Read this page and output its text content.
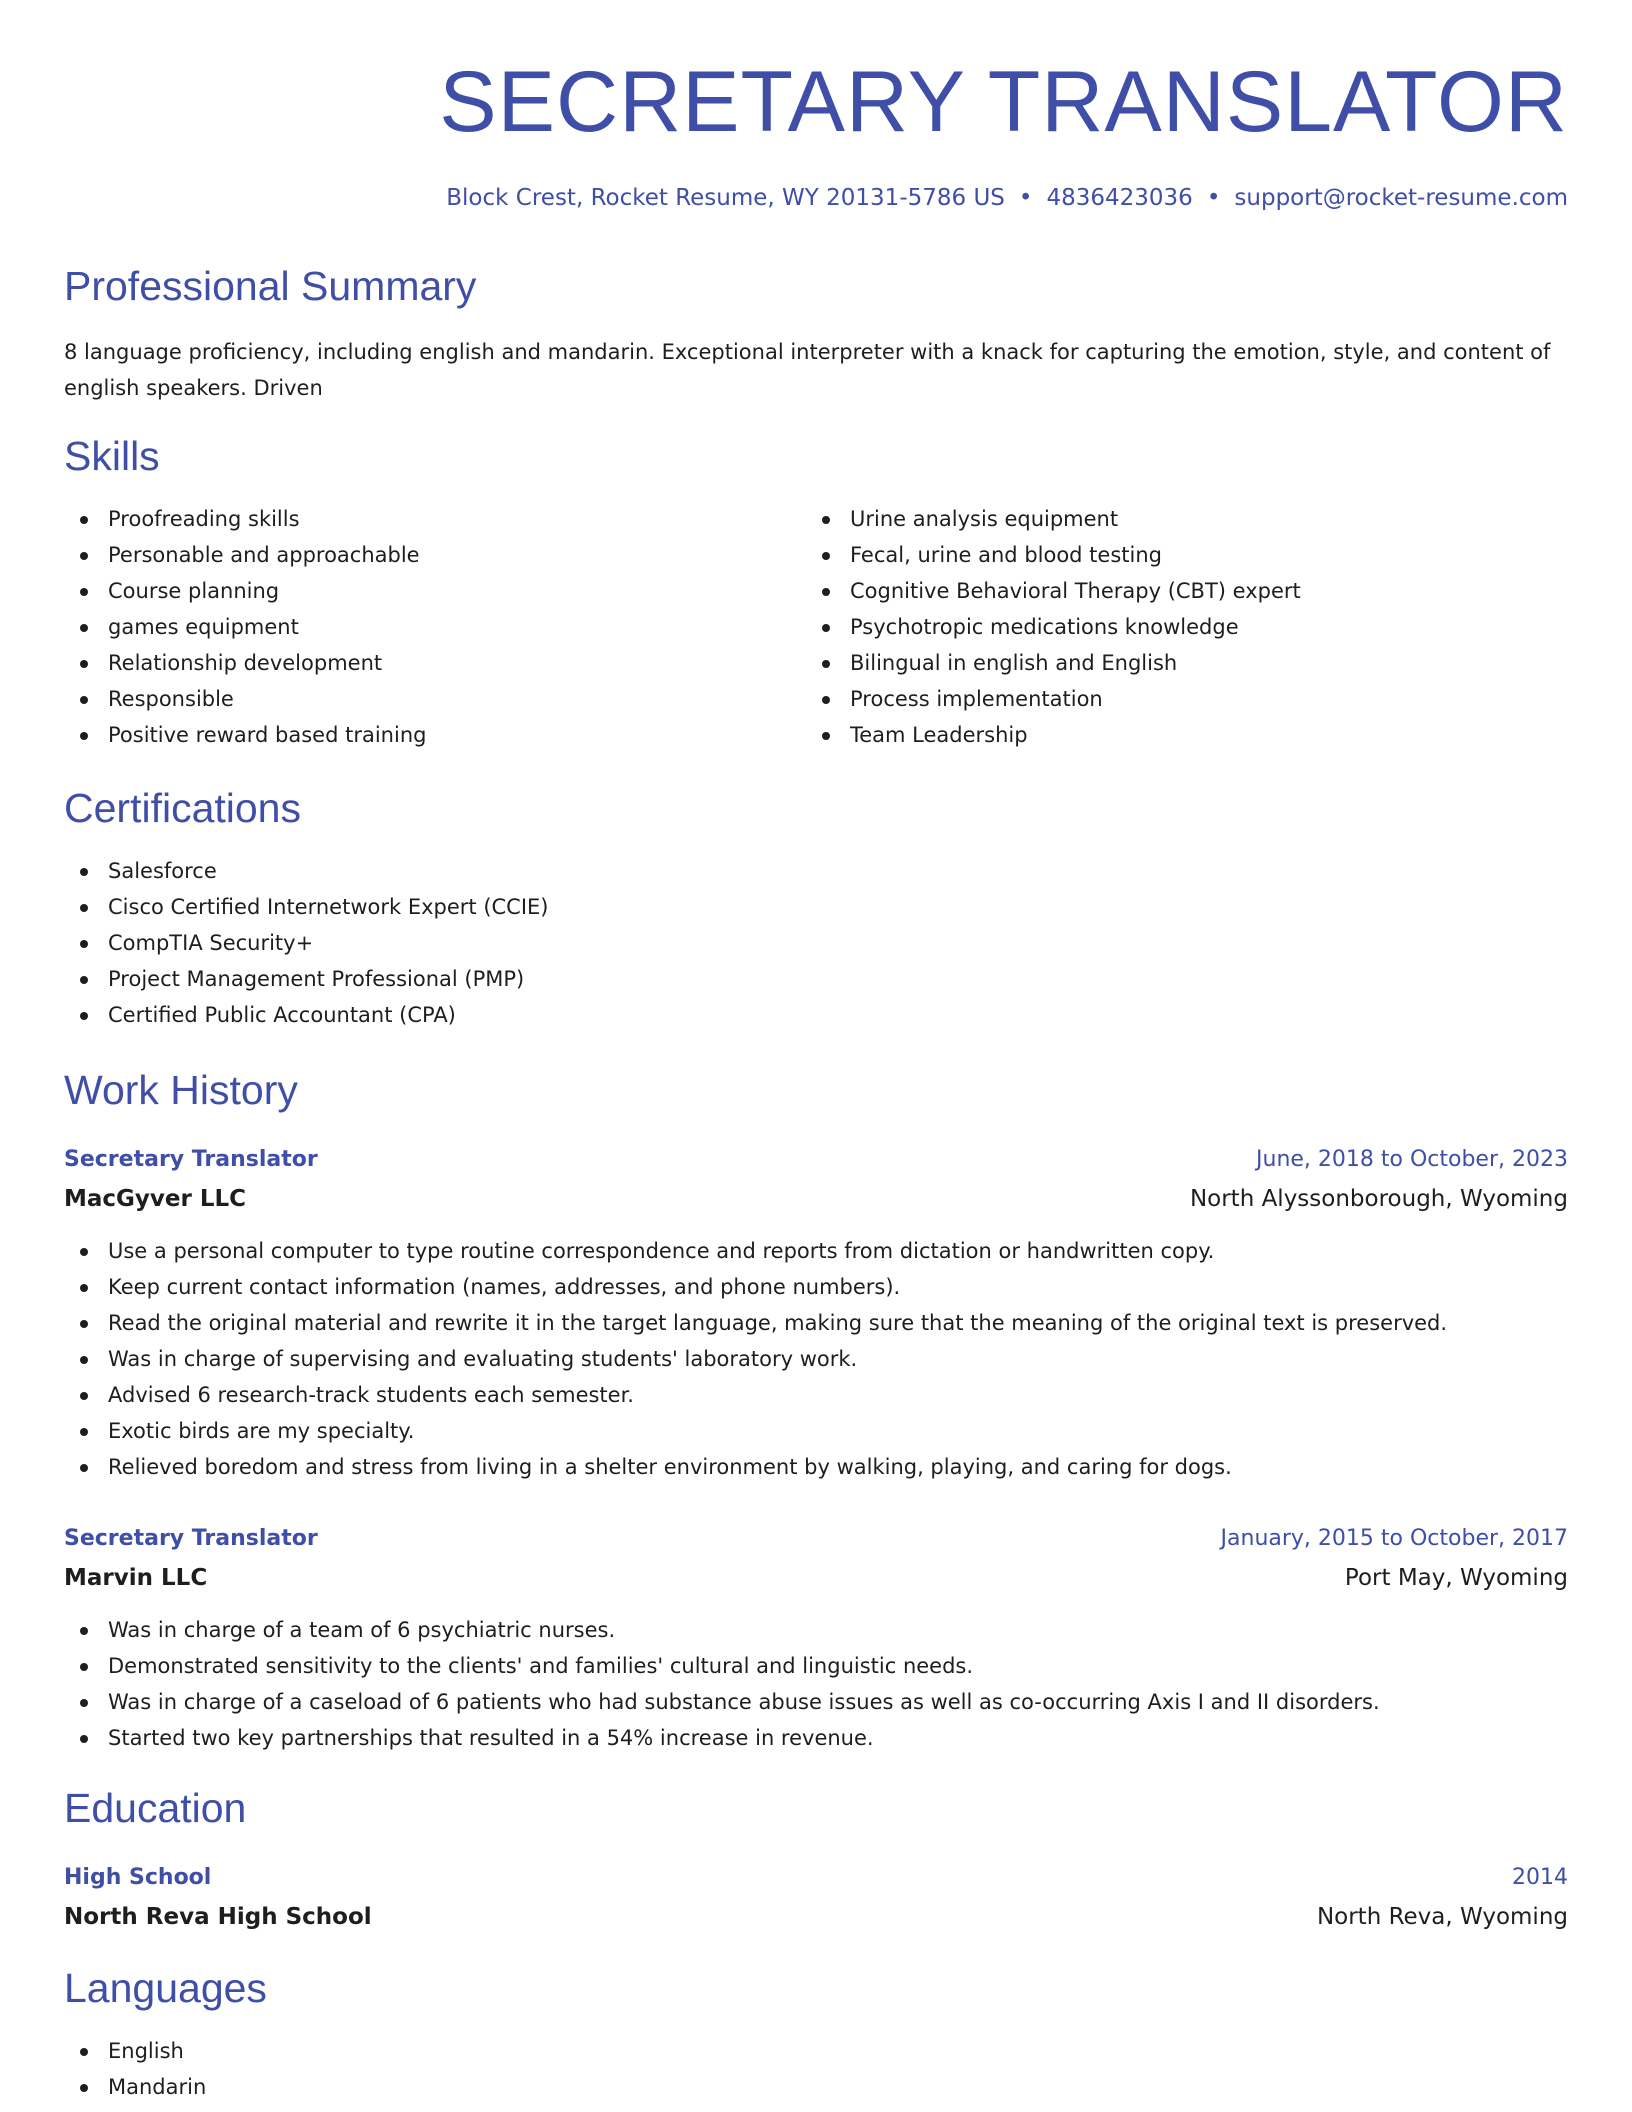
SECRETARY TRANSLATOR
Block Crest, Rocket Resume, WY 20131-5786 US • 4836423036 • support@rocket-resume.com
Professional Summary

8 language proficiency, including english and mandarin. Exceptional interpreter with a knack for capturing the emotion, style, and content of english speakers. Driven

Skills
Proofreading skills
Personable and approachable
Course planning
games equipment
Relationship development
Responsible
Positive reward based training
Urine analysis equipment
Fecal, urine and blood testing
Cognitive Behavioral Therapy (CBT) expert
Psychotropic medications knowledge
Bilingual in english and English
Process implementation
Team Leadership
Certifications
Salesforce
Cisco Certified Internetwork Expert (CCIE)
CompTIA Security+
Project Management Professional (PMP)
Certified Public Accountant (CPA)
Work History
Secretary Translator	June, 2018 to October, 2023
MacGyver LLC	North Alyssonborough, Wyoming
Use a personal computer to type routine correspondence and reports from dictation or handwritten copy.
Keep current contact information (names, addresses, and phone numbers).
Read the original material and rewrite it in the target language, making sure that the meaning of the original text is preserved.
Was in charge of supervising and evaluating students' laboratory work.
Advised 6 research-track students each semester.
Exotic birds are my specialty.
Relieved boredom and stress from living in a shelter environment by walking, playing, and caring for dogs.
Secretary Translator	January, 2015 to October, 2017
Marvin LLC	Port May, Wyoming
Was in charge of a team of 6 psychiatric nurses.
Demonstrated sensitivity to the clients' and families' cultural and linguistic needs.
Was in charge of a caseload of 6 patients who had substance abuse issues as well as co-occurring Axis I and II disorders.
Started two key partnerships that resulted in a 54% increase in revenue.
Education
High School	2014
North Reva High School	North Reva, Wyoming
Languages
English
Mandarin
